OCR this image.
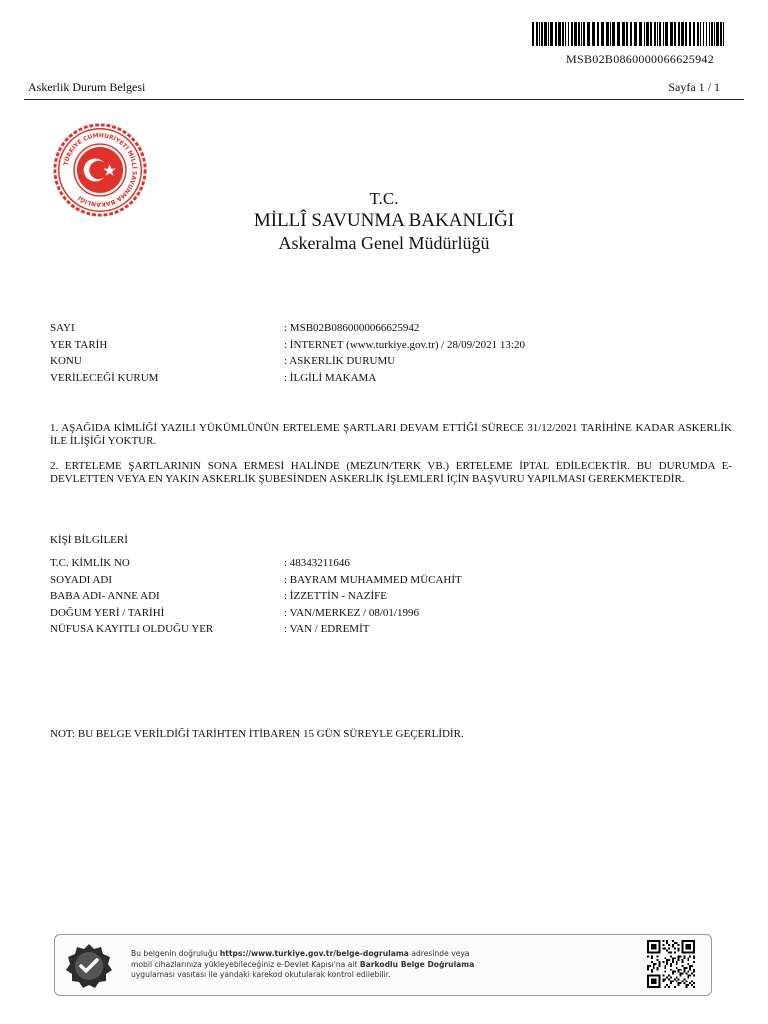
MSB02B0860000066625942
Askerlik Durum Belgesi	Sayfa 1 / 1
TÜRKİYE CUMHURİYETİ MİLLÎ SAVUNMA BAKANLIĞI	T.C.
MİLLÎ SAVUNMA BAKANLIĞI
Askeralma Genel Müdürlüğü
SAYI	: MSB02B0860000066625942
YER TARİH	: İNTERNET (www.turkiye.gov.tr) / 28/09/2021 13:20
KONU	: ASKERLİK DURUMU
VERİLECEĞİ KURUM	: İLGİLİ MAKAMA
1. AŞAĞIDA KİMLİĞİ YAZILI YÜKÜMLÜNÜN ERTELEME ŞARTLARI DEVAM ETTİĞİ SÜRECE 31/12/2021 TARİHİNE KADAR ASKERLİK İLE İLİŞİĞİ YOKTUR.
2. ERTELEME ŞARTLARININ SONA ERMESİ HALİNDE (MEZUN/TERK VB.) ERTELEME İPTAL EDİLECEKTİR. BU DURUMDA E-DEVLETTEN VEYA EN YAKIN ASKERLİK ŞUBESİNDEN ASKERLİK İŞLEMLERİ İÇİN BAŞVURU YAPILMASI GEREKMEKTEDİR.
KİŞİ BİLGİLERİ
T.C. KİMLİK NO	: 48343211646
SOYADI ADI	: BAYRAM MUHAMMED MÜCAHİT
BABA ADI- ANNE ADI	: İZZETTİN - NAZİFE
DOĞUM YERİ / TARİHİ	: VAN/MERKEZ / 08/01/1996
NÜFUSA KAYITLI OLDUĞU YER	: VAN / EDREMİT
NOT: BU BELGE VERİLDİĞİ TARİHTEN İTİBAREN 15 GÜN SÜREYLE GEÇERLİDİR.
Bu belgenin doğruluğu https://www.turkiye.gov.tr/belge-dogrulama adresinde veya
mobil cihazlarınıza yükleyebileceğiniz e-Devlet Kapısı'na ait Barkodlu Belge Doğrulama
uygulaması vasıtası ile yandaki karekod okutularak kontrol edilebilir.
